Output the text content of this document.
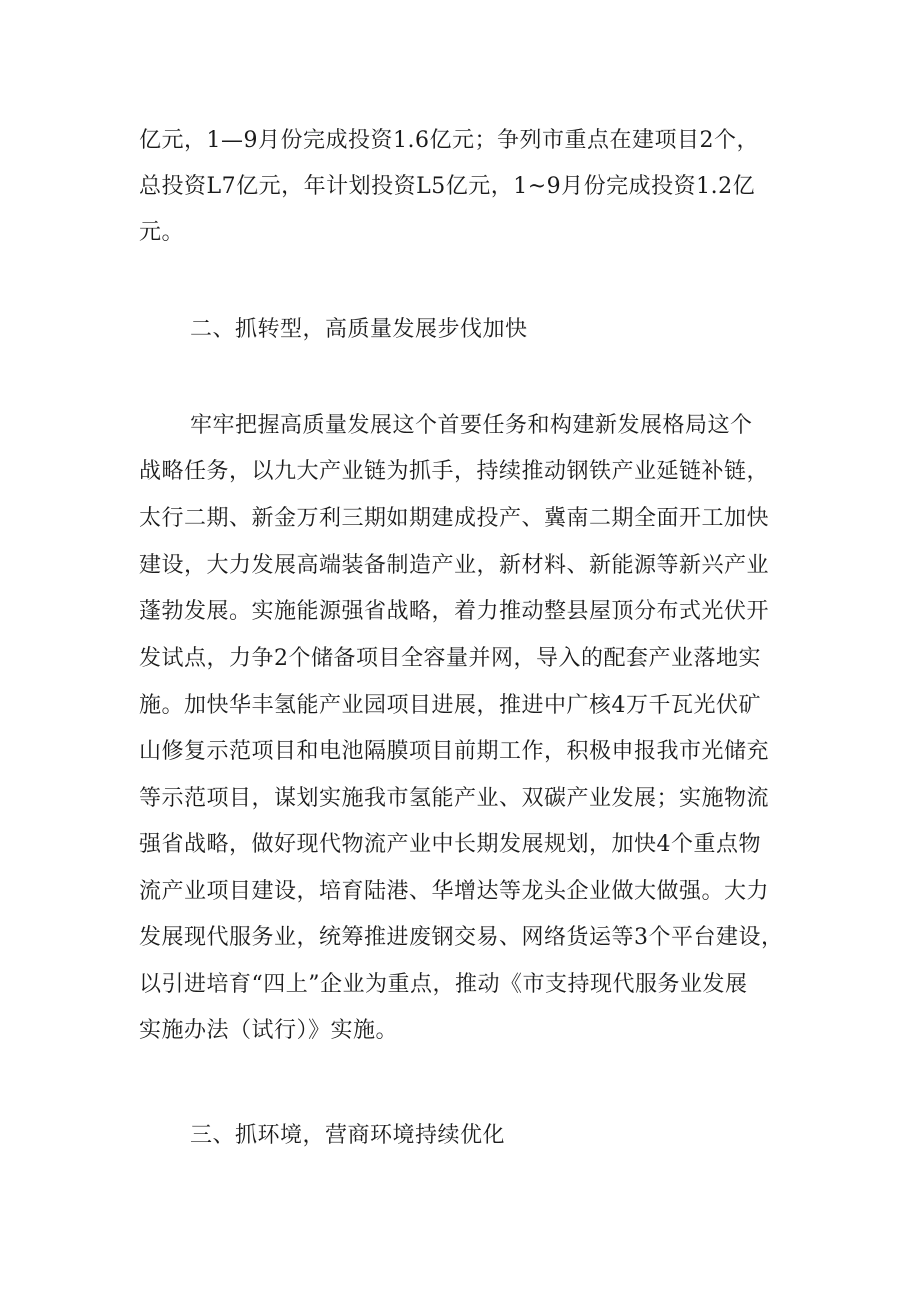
亿元，1—9月份完成投资1.6亿元；争列市重点在建项目2个，
总投资L7亿元，年计划投资L5亿元，1~9月份完成投资1.2亿
元。
二、抓转型，高质量发展步伐加快
牢牢把握高质量发展这个首要任务和构建新发展格局这个
战略任务，以九大产业链为抓手，持续推动钢铁产业延链补链，
太行二期、新金万利三期如期建成投产、冀南二期全面开工加快
建设，大力发展高端装备制造产业，新材料、新能源等新兴产业
蓬勃发展。实施能源强省战略，着力推动整县屋顶分布式光伏开
发试点，力争2个储备项目全容量并网，导入的配套产业落地实
施。加快华丰氢能产业园项目进展，推进中广核4万千瓦光伏矿
山修复示范项目和电池隔膜项目前期工作，积极申报我市光储充
等示范项目，谋划实施我市氢能产业、双碳产业发展；实施物流
强省战略，做好现代物流产业中长期发展规划，加快4个重点物
流产业项目建设，培育陆港、华增达等龙头企业做大做强。大力
发展现代服务业，统筹推进废钢交易、网络货运等3个平台建设，
以引进培育“四上”企业为重点，推动《市支持现代服务业发展
实施办法（试行）》实施。
三、抓环境，营商环境持续优化
